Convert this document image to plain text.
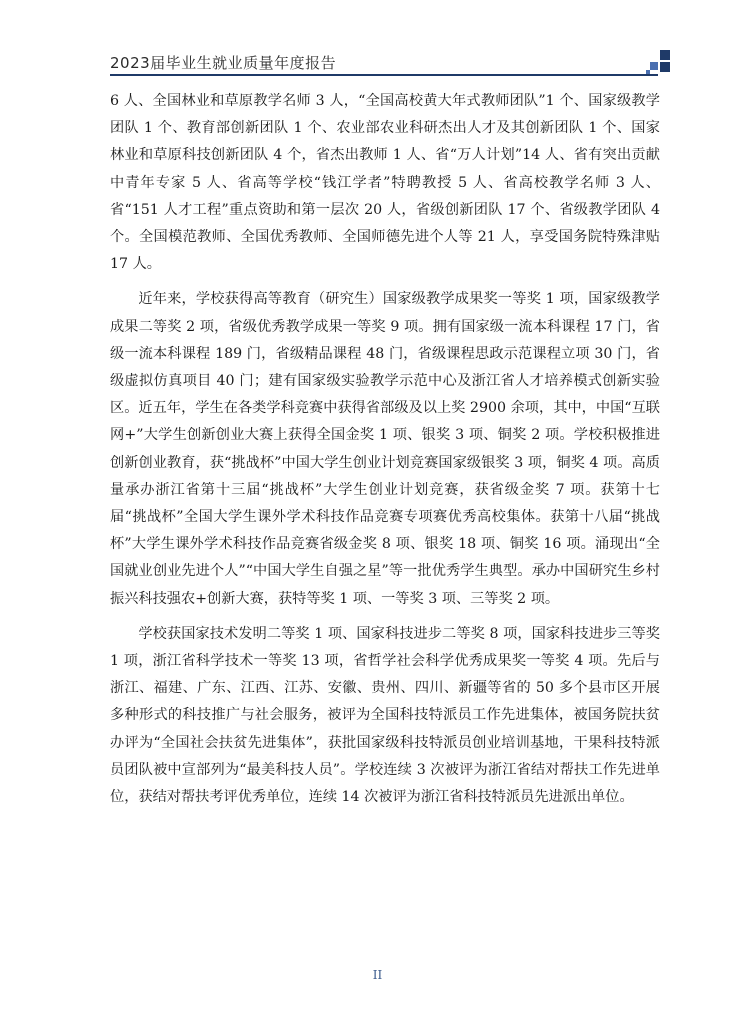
2023届毕业生就业质量年度报告

6 人、全国林业和草原教学名师 3 人，“全国高校黄大年式教师团队”1 个、国家级教学团队 1 个、教育部创新团队 1 个、农业部农业科研杰出人才及其创新团队 1 个、国家林业和草原科技创新团队 4 个，省杰出教师 1 人、省“万人计划”14 人、省有突出贡献中青年专家 5 人、省高等学校“钱江学者”特聘教授 5 人、省高校教学名师 3 人、省“151 人才工程”重点资助和第一层次 20 人，省级创新团队 17 个、省级教学团队 4 个。全国模范教师、全国优秀教师、全国师德先进个人等 21 人，享受国务院特殊津贴 17 人。

近年来，学校获得高等教育（研究生）国家级教学成果奖一等奖 1 项，国家级教学成果二等奖 2 项，省级优秀教学成果一等奖 9 项。拥有国家级一流本科课程 17 门，省级一流本科课程 189 门，省级精品课程 48 门，省级课程思政示范课程立项 30 门，省级虚拟仿真项目 40 门；建有国家级实验教学示范中心及浙江省人才培养模式创新实验区。近五年，学生在各类学科竞赛中获得省部级及以上奖 2900 余项，其中，中国“互联网+”大学生创新创业大赛上获得全国金奖 1 项、银奖 3 项、铜奖 2 项。学校积极推进创新创业教育，获“挑战杯”中国大学生创业计划竞赛国家级银奖 3 项，铜奖 4 项。高质量承办浙江省第十三届“挑战杯”大学生创业计划竞赛，获省级金奖 7 项。获第十七届“挑战杯”全国大学生课外学术科技作品竞赛专项赛优秀高校集体。获第十八届“挑战杯”大学生课外学术科技作品竞赛省级金奖 8 项、银奖 18 项、铜奖 16 项。涌现出“全国就业创业先进个人”“中国大学生自强之星”等一批优秀学生典型。承办中国研究生乡村振兴科技强农+创新大赛，获特等奖 1 项、一等奖 3 项、三等奖 2 项。

学校获国家技术发明二等奖 1 项、国家科技进步二等奖 8 项，国家科技进步三等奖 1 项，浙江省科学技术一等奖 13 项，省哲学社会科学优秀成果奖一等奖 4 项。先后与浙江、福建、广东、江西、江苏、安徽、贵州、四川、新疆等省的 50 多个县市区开展多种形式的科技推广与社会服务，被评为全国科技特派员工作先进集体，被国务院扶贫办评为“全国社会扶贫先进集体”，获批国家级科技特派员创业培训基地，干果科技特派员团队被中宣部列为“最美科技人员”。学校连续 3 次被评为浙江省结对帮扶工作先进单位，获结对帮扶考评优秀单位，连续 14 次被评为浙江省科技特派员先进派出单位。

II
